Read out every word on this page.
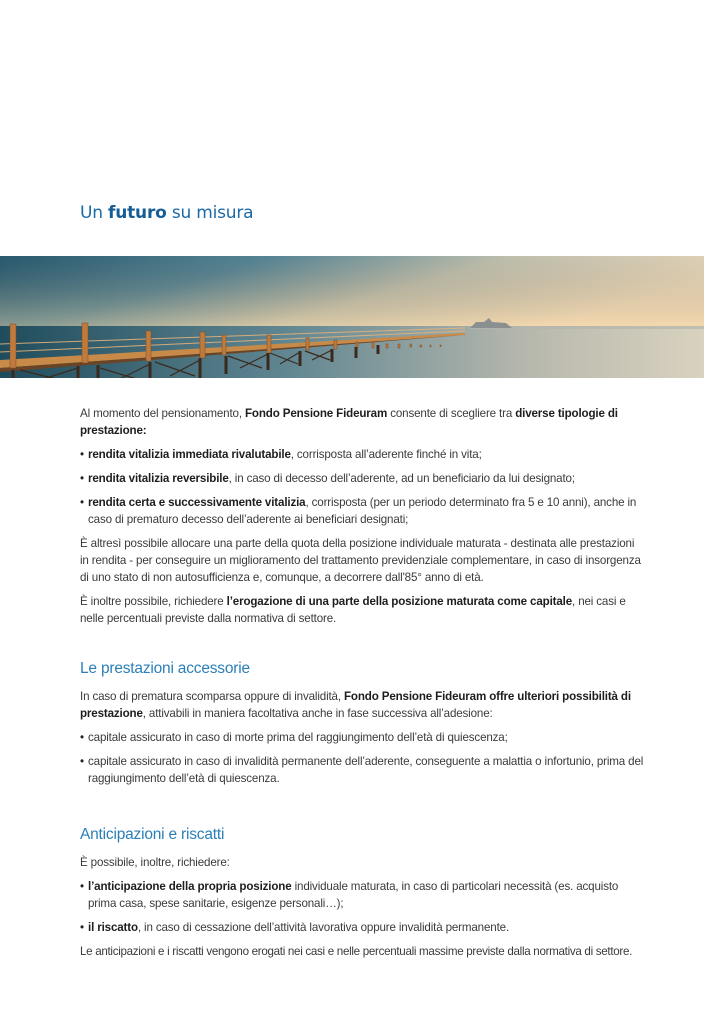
Un futuro su misura

Al momento del pensionamento, Fondo Pensione Fideuram consente di scegliere tra diverse tipologie di prestazione:

• rendita vitalizia immediata rivalutabile, corrisposta all’aderente finché in vita;

• rendita vitalizia reversibile, in caso di decesso dell’aderente, ad un beneficiario da lui designato;

• rendita certa e successivamente vitalizia, corrisposta (per un periodo determinato fra 5 e 10 anni), anche in caso di prematuro decesso dell’aderente ai beneficiari designati;

È altresì possibile allocare una parte della quota della posizione individuale maturata - destinata alle prestazioni in rendita - per conseguire un miglioramento del trattamento previdenziale complementare, in caso di insorgenza di uno stato di non autosufficienza e, comunque, a decorrere dall'85° anno di età.

È inoltre possibile, richiedere l’erogazione di una parte della posizione maturata come capitale, nei casi e nelle percentuali previste dalla normativa di settore.

Le prestazioni accessorie

In caso di prematura scomparsa oppure di invalidità, Fondo Pensione Fideuram offre ulteriori possibilità di prestazione, attivabili in maniera facoltativa anche in fase successiva all’adesione:

• capitale assicurato in caso di morte prima del raggiungimento dell’età di quiescenza;

• capitale assicurato in caso di invalidità permanente dell’aderente, conseguente a malattia o infortunio, prima del raggiungimento dell’età di quiescenza.

Anticipazioni e riscatti

È possibile, inoltre, richiedere:

• l’anticipazione della propria posizione individuale maturata, in caso di particolari necessità (es. acquisto prima casa, spese sanitarie, esigenze personali…);

• il riscatto, in caso di cessazione dell’attività lavorativa oppure invalidità permanente.

Le anticipazioni e i riscatti vengono erogati nei casi e nelle percentuali massime previste dalla normativa di settore.
